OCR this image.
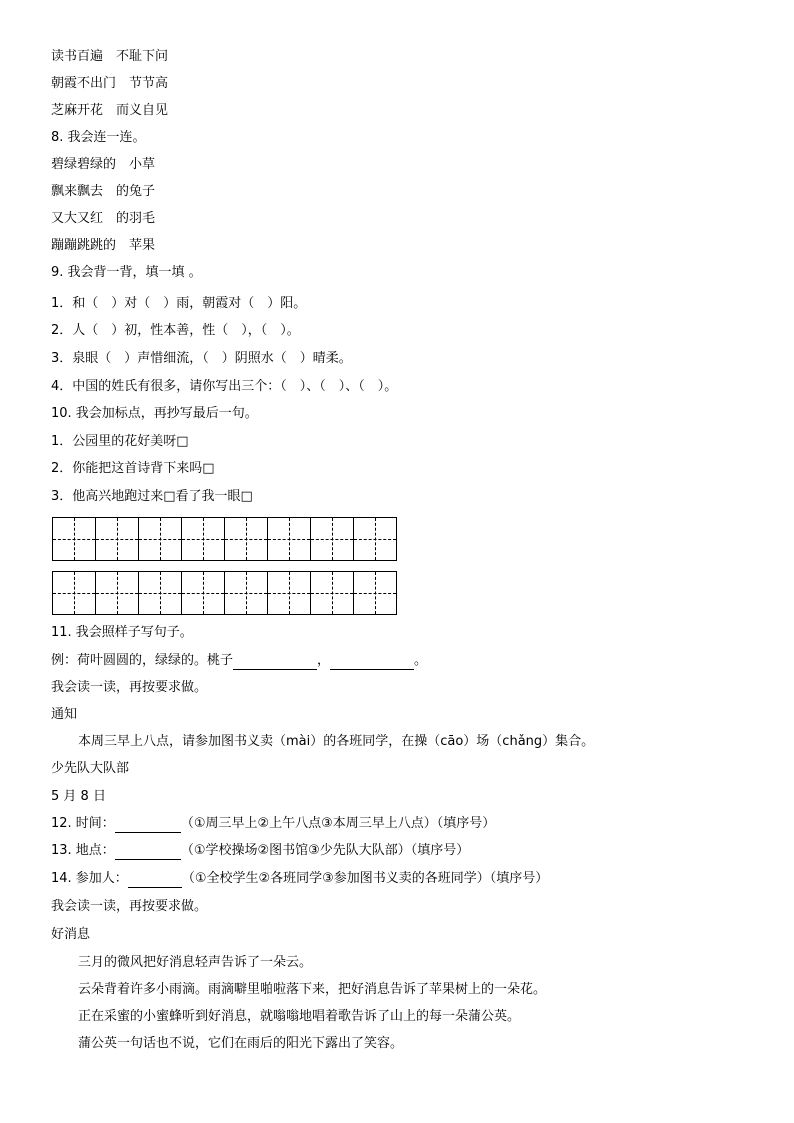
读书百遍　不耻下问
朝霞不出门　节节高
芝麻开花　而义自见
8. 我会连一连。
碧绿碧绿的　小草
飘来飘去　的兔子
又大又红　的羽毛
蹦蹦跳跳的　苹果
9. 我会背一背，填一填 。
1．和（　）对（　）雨，朝霞对（　）阳。
2．人（　）初，性本善，性（　），（　）。
3．泉眼（　）声惜细流，（　）阴照水（　）晴柔。
4．中国的姓氏有很多，请你写出三个：（　）、（　）、（　）。
10. 我会加标点，再抄写最后一句。
1．公园里的花好美呀□
2．你能把这首诗背下来吗□
3．他高兴地跑过来□看了我一眼□
11. 我会照样子写句子。
例：荷叶圆圆的，绿绿的。桃子	，	。
我会读一读，再按要求做。
通知
本周三早上八点，请参加图书义卖（mài）的各班同学，在操（cāo）场（chǎng）集合。
少先队大队部
5 月 8 日
12. 时间：	（①周三早上②上午八点③本周三早上八点）（填序号）
13. 地点：	（①学校操场②图书馆③少先队大队部）（填序号）
14. 参加人：	（①全校学生②各班同学③参加图书义卖的各班同学）（填序号）
我会读一读，再按要求做。
好消息
三月的微风把好消息轻声告诉了一朵云。
云朵背着许多小雨滴。雨滴噼里啪啦落下来，把好消息告诉了苹果树上的一朵花。
正在采蜜的小蜜蜂听到好消息，就嗡嗡地唱着歌告诉了山上的每一朵蒲公英。
蒲公英一句话也不说，它们在雨后的阳光下露出了笑容。
